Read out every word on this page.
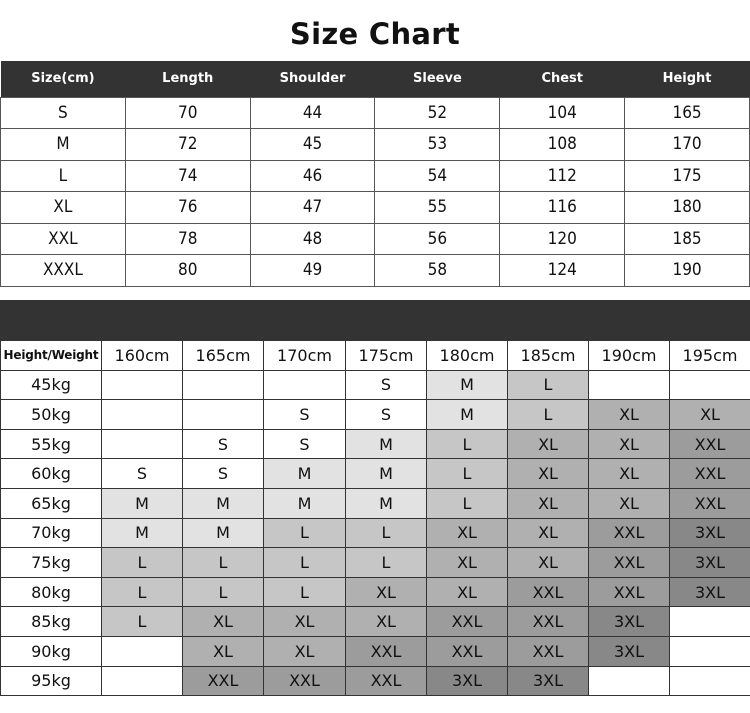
Size Chart
Size(cm)	Length	Shoulder	Sleeve	Chest	Height
S	70	44	52	104	165
M	72	45	53	108	170
L	74	46	54	112	175
XL	76	47	55	116	180
XXL	78	48	56	120	185
XXXL	80	49	58	124	190
Height/Weight	160cm	165cm	170cm	175cm	180cm	185cm	190cm	195cm
45kg				S	M	L		
50kg			S	S	M	L	XL	XL
55kg		S	S	M	L	XL	XL	XXL
60kg	S	S	M	M	L	XL	XL	XXL
65kg	M	M	M	M	L	XL	XL	XXL
70kg	M	M	L	L	XL	XL	XXL	3XL
75kg	L	L	L	L	XL	XL	XXL	3XL
80kg	L	L	L	XL	XL	XXL	XXL	3XL
85kg	L	XL	XL	XL	XXL	XXL	3XL	
90kg		XL	XL	XXL	XXL	XXL	3XL	
95kg		XXL	XXL	XXL	3XL	3XL		
